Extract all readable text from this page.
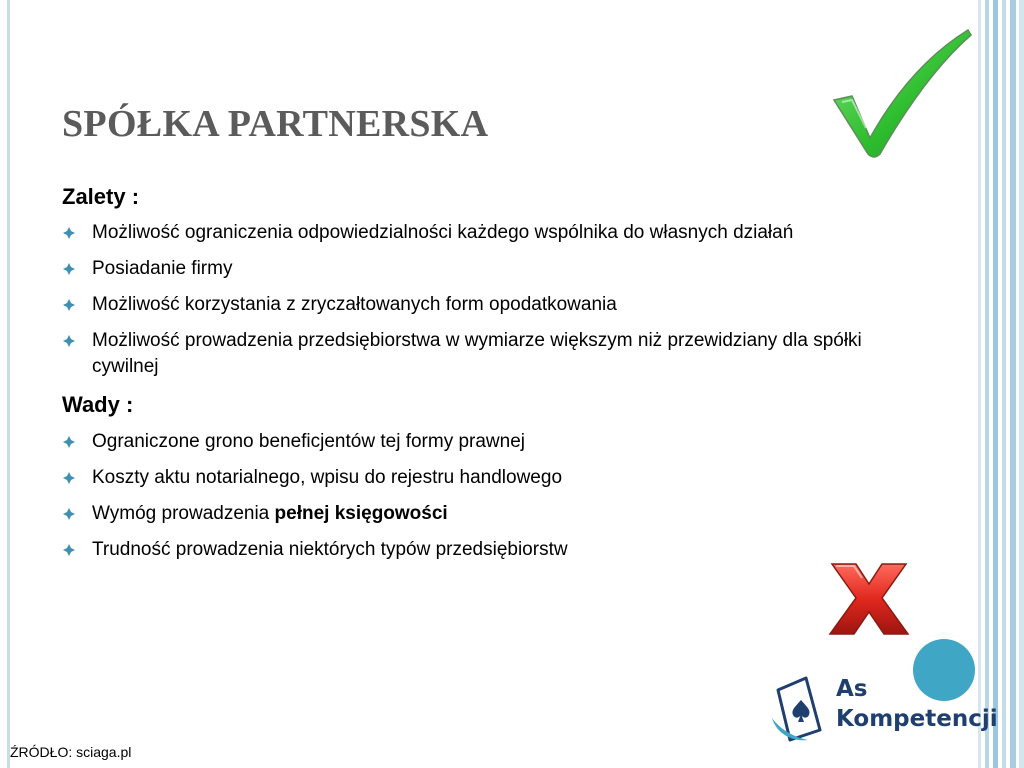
SPÓŁKA PARTNERSKA
Zalety :
Możliwość ograniczenia odpowiedzialności każdego wspólnika do własnych działań
Posiadanie firmy
Możliwość korzystania z zryczałtowanych form opodatkowania
Możliwość prowadzenia przedsiębiorstwa w wymiarze większym niż przewidziany dla spółki cywilnej
Wady :
Ograniczone grono beneficjentów tej formy prawnej
Koszty aktu notarialnego, wpisu do rejestru handlowego
Wymóg prowadzenia pełnej księgowości
Trudność prowadzenia niektórych typów przedsiębiorstw
As
Kompetencji
ŹRÓDŁO: sciaga.pl
